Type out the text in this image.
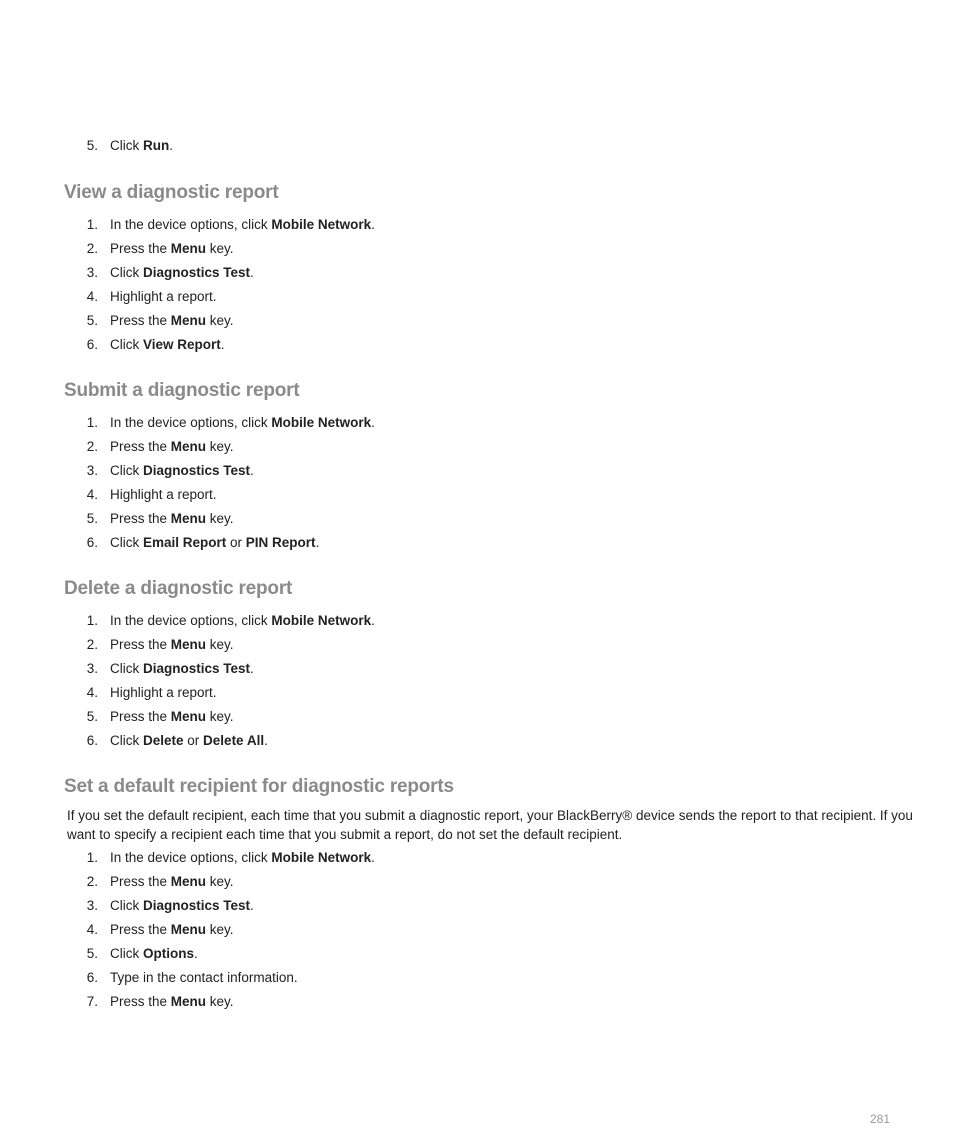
5. Click Run.
View a diagnostic report
1. In the device options, click Mobile Network.
2. Press the Menu key.
3. Click Diagnostics Test.
4. Highlight a report.
5. Press the Menu key.
6. Click View Report.
Submit a diagnostic report
1. In the device options, click Mobile Network.
2. Press the Menu key.
3. Click Diagnostics Test.
4. Highlight a report.
5. Press the Menu key.
6. Click Email Report or PIN Report.
Delete a diagnostic report
1. In the device options, click Mobile Network.
2. Press the Menu key.
3. Click Diagnostics Test.
4. Highlight a report.
5. Press the Menu key.
6. Click Delete or Delete All.
Set a default recipient for diagnostic reports

If you set the default recipient, each time that you submit a diagnostic report, your BlackBerry® device sends the report to that recipient. If you want to specify a recipient each time that you submit a report, do not set the default recipient.

1. In the device options, click Mobile Network.
2. Press the Menu key.
3. Click Diagnostics Test.
4. Press the Menu key.
5. Click Options.
6. Type in the contact information.
7. Press the Menu key.
281
